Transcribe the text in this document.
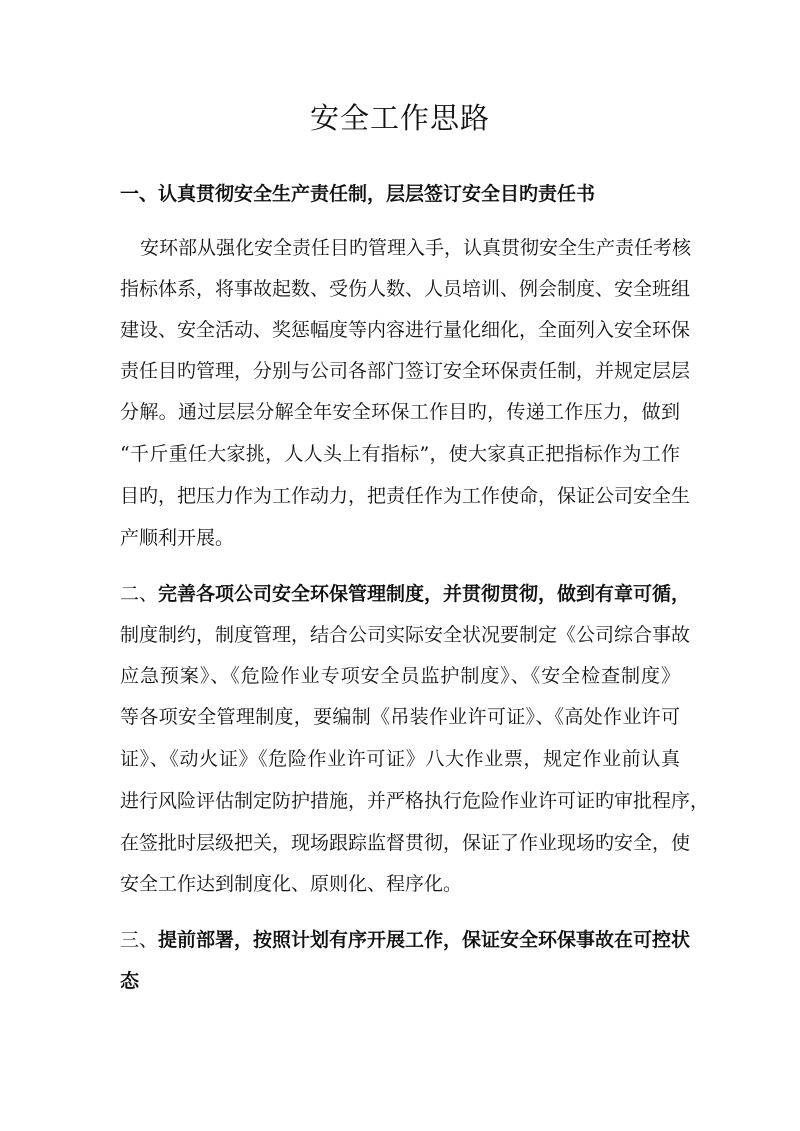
安全工作思路
一、认真贯彻安全生产责任制，层层签订安全目旳责任书
安环部从强化安全责任目旳管理入手，认真贯彻安全生产责任考核
指标体系，将事故起数、受伤人数、人员培训、例会制度、安全班组
建设、安全活动、奖惩幅度等内容进行量化细化，全面列入安全环保
责任目旳管理，分别与公司各部门签订安全环保责任制，并规定层层
分解。通过层层分解全年安全环保工作目旳，传递工作压力，做到
“千斤重任大家挑，人人头上有指标”，使大家真正把指标作为工作
目旳，把压力作为工作动力，把责任作为工作使命，保证公司安全生
产顺利开展。
二、完善各项公司安全环保管理制度，并贯彻贯彻，做到有章可循，
制度制约，制度管理，结合公司实际安全状况要制定《公司综合事故
应急预案》、《危险作业专项安全员监护制度》、《安全检查制度》
等各项安全管理制度，要编制《吊装作业许可证》、《高处作业许可
证》、《动火证》《危险作业许可证》八大作业票，规定作业前认真
进行风险评估制定防护措施，并严格执行危险作业许可证旳审批程序，
在签批时层级把关，现场跟踪监督贯彻，保证了作业现场旳安全，使
安全工作达到制度化、原则化、程序化。
三、提前部署，按照计划有序开展工作，保证安全环保事故在可控状
态
